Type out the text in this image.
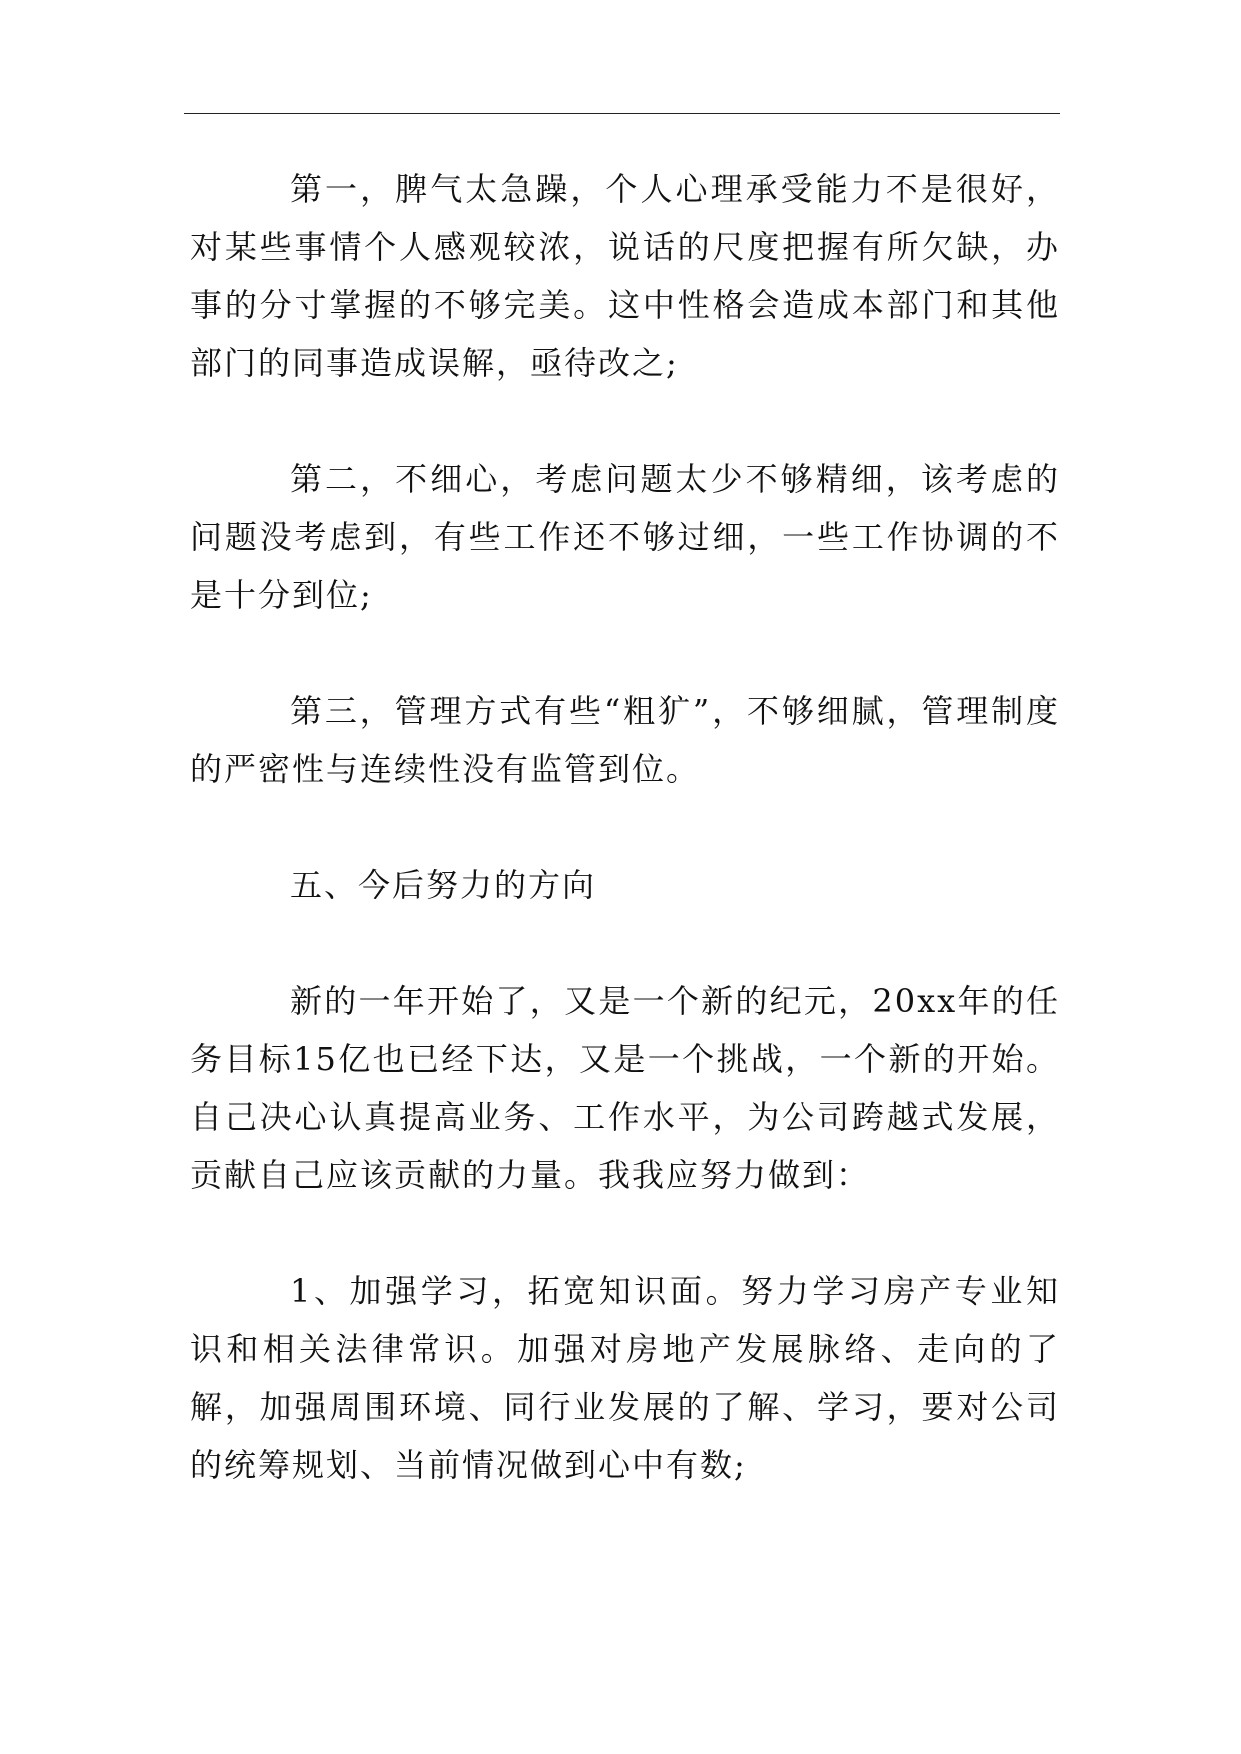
第一，脾气太急躁，个人心理承受能力不是很好，对某些事情个人感观较浓，说话的尺度把握有所欠缺，办事的分寸掌握的不够完美。这中性格会造成本部门和其他部门的同事造成误解，亟待改之;

第二，不细心，考虑问题太少不够精细，该考虑的问题没考虑到，有些工作还不够过细，一些工作协调的不是十分到位;

第三，管理方式有些“粗犷”，不够细腻，管理制度的严密性与连续性没有监管到位。

五、今后努力的方向

新的一年开始了，又是一个新的纪元，20xx年的任务目标15亿也已经下达，又是一个挑战，一个新的开始。自己决心认真提高业务、工作水平，为公司跨越式发展，贡献自己应该贡献的力量。我我应努力做到：

1、加强学习，拓宽知识面。努力学习房产专业知识和相关法律常识。加强对房地产发展脉络、走向的了解，加强周围环境、同行业发展的了解、学习，要对公司的统筹规划、当前情况做到心中有数;
